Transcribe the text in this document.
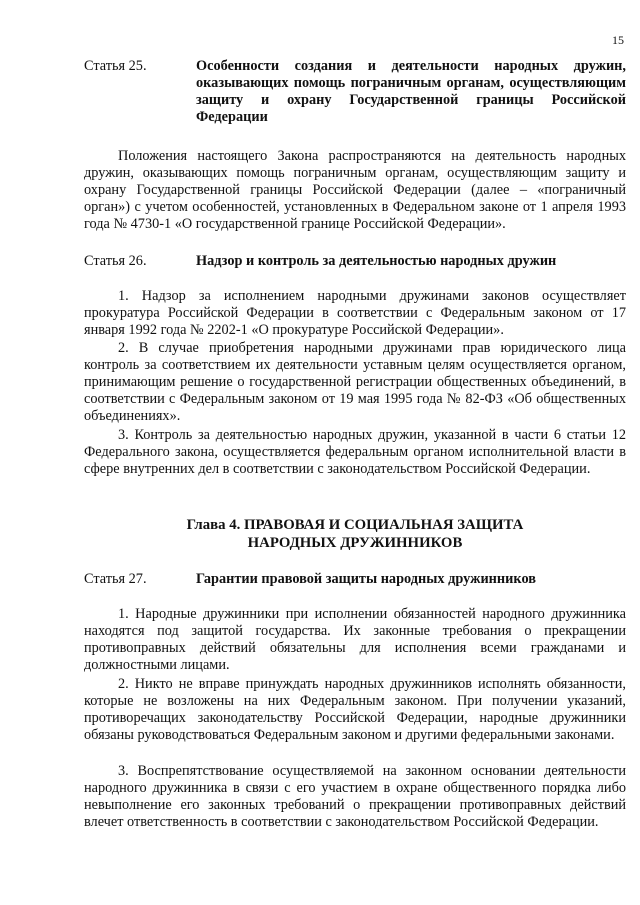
15
Статья 25.	Особенности создания и деятельности народных дружин, оказывающих помощь пограничным органам, осуществляющим защиту и охрану Государственной границы Российской Федерации
Положения настоящего Закона распространяются на деятельность народных дружин, оказывающих помощь пограничным органам, осуществляющим защиту и охрану Государственной границы Российской Федерации (далее – «пограничный орган») с учетом особенностей, установленных в Федеральном законе от 1 апреля 1993 года № 4730-1 «О государственной границе Российской Федерации».
Статья 26.	Надзор и контроль за деятельностью народных дружин
1. Надзор за исполнением народными дружинами законов осуществляет прокуратура Российской Федерации в соответствии с Федеральным законом от 17 января 1992 года № 2202-1 «О прокуратуре Российской Федерации».
2. В случае приобретения народными дружинами прав юридического лица контроль за соответствием их деятельности уставным целям осуществляется органом, принимающим решение о государственной регистрации общественных объединений, в соответствии с Федеральным законом от 19 мая 1995 года № 82-ФЗ «Об общественных объединениях».
3. Контроль за деятельностью народных дружин, указанной в части 6 статьи 12 Федерального закона, осуществляется федеральным органом исполнительной власти в сфере внутренних дел в соответствии с законодательством Российской Федерации.
Глава 4. ПРАВОВАЯ И СОЦИАЛЬНАЯ ЗАЩИТА
НАРОДНЫХ ДРУЖИННИКОВ
Статья 27.	Гарантии правовой защиты народных дружинников
1. Народные дружинники при исполнении обязанностей народного дружинника находятся под защитой государства. Их законные требования о прекращении противоправных действий обязательны для исполнения всеми гражданами и должностными лицами.
2. Никто не вправе принуждать народных дружинников исполнять обязанности, которые не возложены на них Федеральным законом. При получении указаний, противоречащих законодательству Российской Федерации, народные дружинники обязаны руководствоваться Федеральным законом и другими федеральными законами.
3. Воспрепятствование осуществляемой на законном основании деятельности народного дружинника в связи с его участием в охране общественного порядка либо невыполнение его законных требований о прекращении противоправных действий влечет ответственность в соответствии с законодательством Российской Федерации.
